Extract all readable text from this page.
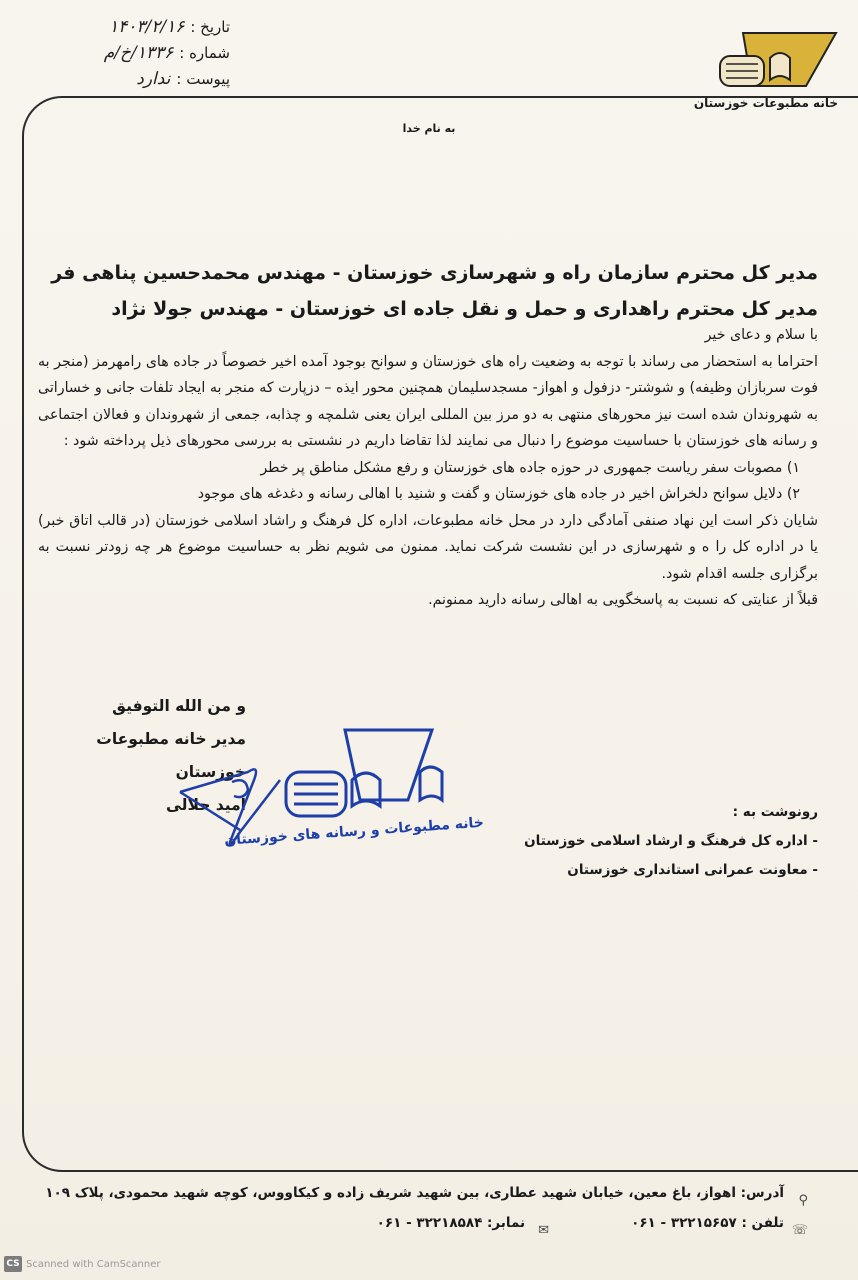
تاریخ :
۱۴۰۳/۲/۱۶
شماره :
۱۳۳۶/خ/م
پیوست :
ندارد
خانه مطبوعات خوزستان
به نام خدا
مدیر کل محترم سازمان راه و شهرسازی خوزستان - مهندس محمدحسین پناهی فر
مدیر کل محترم راهداری و حمل و نقل جاده ای خوزستان - مهندس جولا نژاد

با سلام و دعای خیر

احتراما به استحضار می رساند با توجه به وضعیت راه های خوزستان و سوانح بوجود آمده اخیر خصوصاً در جاده های رامهرمز (منجر به فوت سربازان وظیفه) و شوشتر- دزفول و اهواز- مسجدسلیمان همچنین محور ایذه – دزپارت که منجر به ایجاد تلفات جانی و خساراتی به شهروندان شده است نیز محورهای منتهی به دو مرز بین المللی ایران یعنی شلمچه و چذابه، جمعی از شهروندان و فعالان اجتماعی و رسانه های خوزستان با حساسیت موضوع را دنبال می نمایند لذا تقاضا داریم در نشستی به بررسی محورهای ذیل پرداخته شود :

۱) مصوبات سفر ریاست جمهوری در حوزه جاده های خوزستان و رفع مشکل مناطق پر خطر

۲) دلایل سوانح دلخراش اخیر در جاده های خوزستان و گفت و شنید با اهالی رسانه و دغدغه های موجود

شایان ذکر است این نهاد صنفی آمادگی دارد در محل خانه مطبوعات، اداره کل فرهنگ و راشاد اسلامی خوزستان (در قالب اتاق خبر) یا در اداره کل را ه و شهرسازی در این نشست شرکت نماید. ممنون می شویم نظر به حساسیت موضوع هر چه زودتر نسبت به برگزاری جلسه اقدام شود.

قبلاً از عنایتی که نسبت به پاسخگویی به اهالی رسانه دارید ممنونم.

و من الله التوفیق
مدیر خانه مطبوعات خوزستان
امید حلالی
خانه مطبوعات و رسانه های خوزستان
رونوشت به :
- اداره کل فرهنگ و ارشاد اسلامی خوزستان
- معاونت عمرانی استانداری خوزستان
⚲
آدرس: اهواز، باغ معین، خیابان شهید عطاری، بین شهید شریف زاده و کیکاووس، کوچه شهید محمودی، پلاک ۱۰۹
☏
تلفن : ۳۲۲۱۵۶۵۷ - ۰۶۱
✉
نمابر: ۳۲۲۱۸۵۸۴ - ۰۶۱
CS Scanned with CamScanner
